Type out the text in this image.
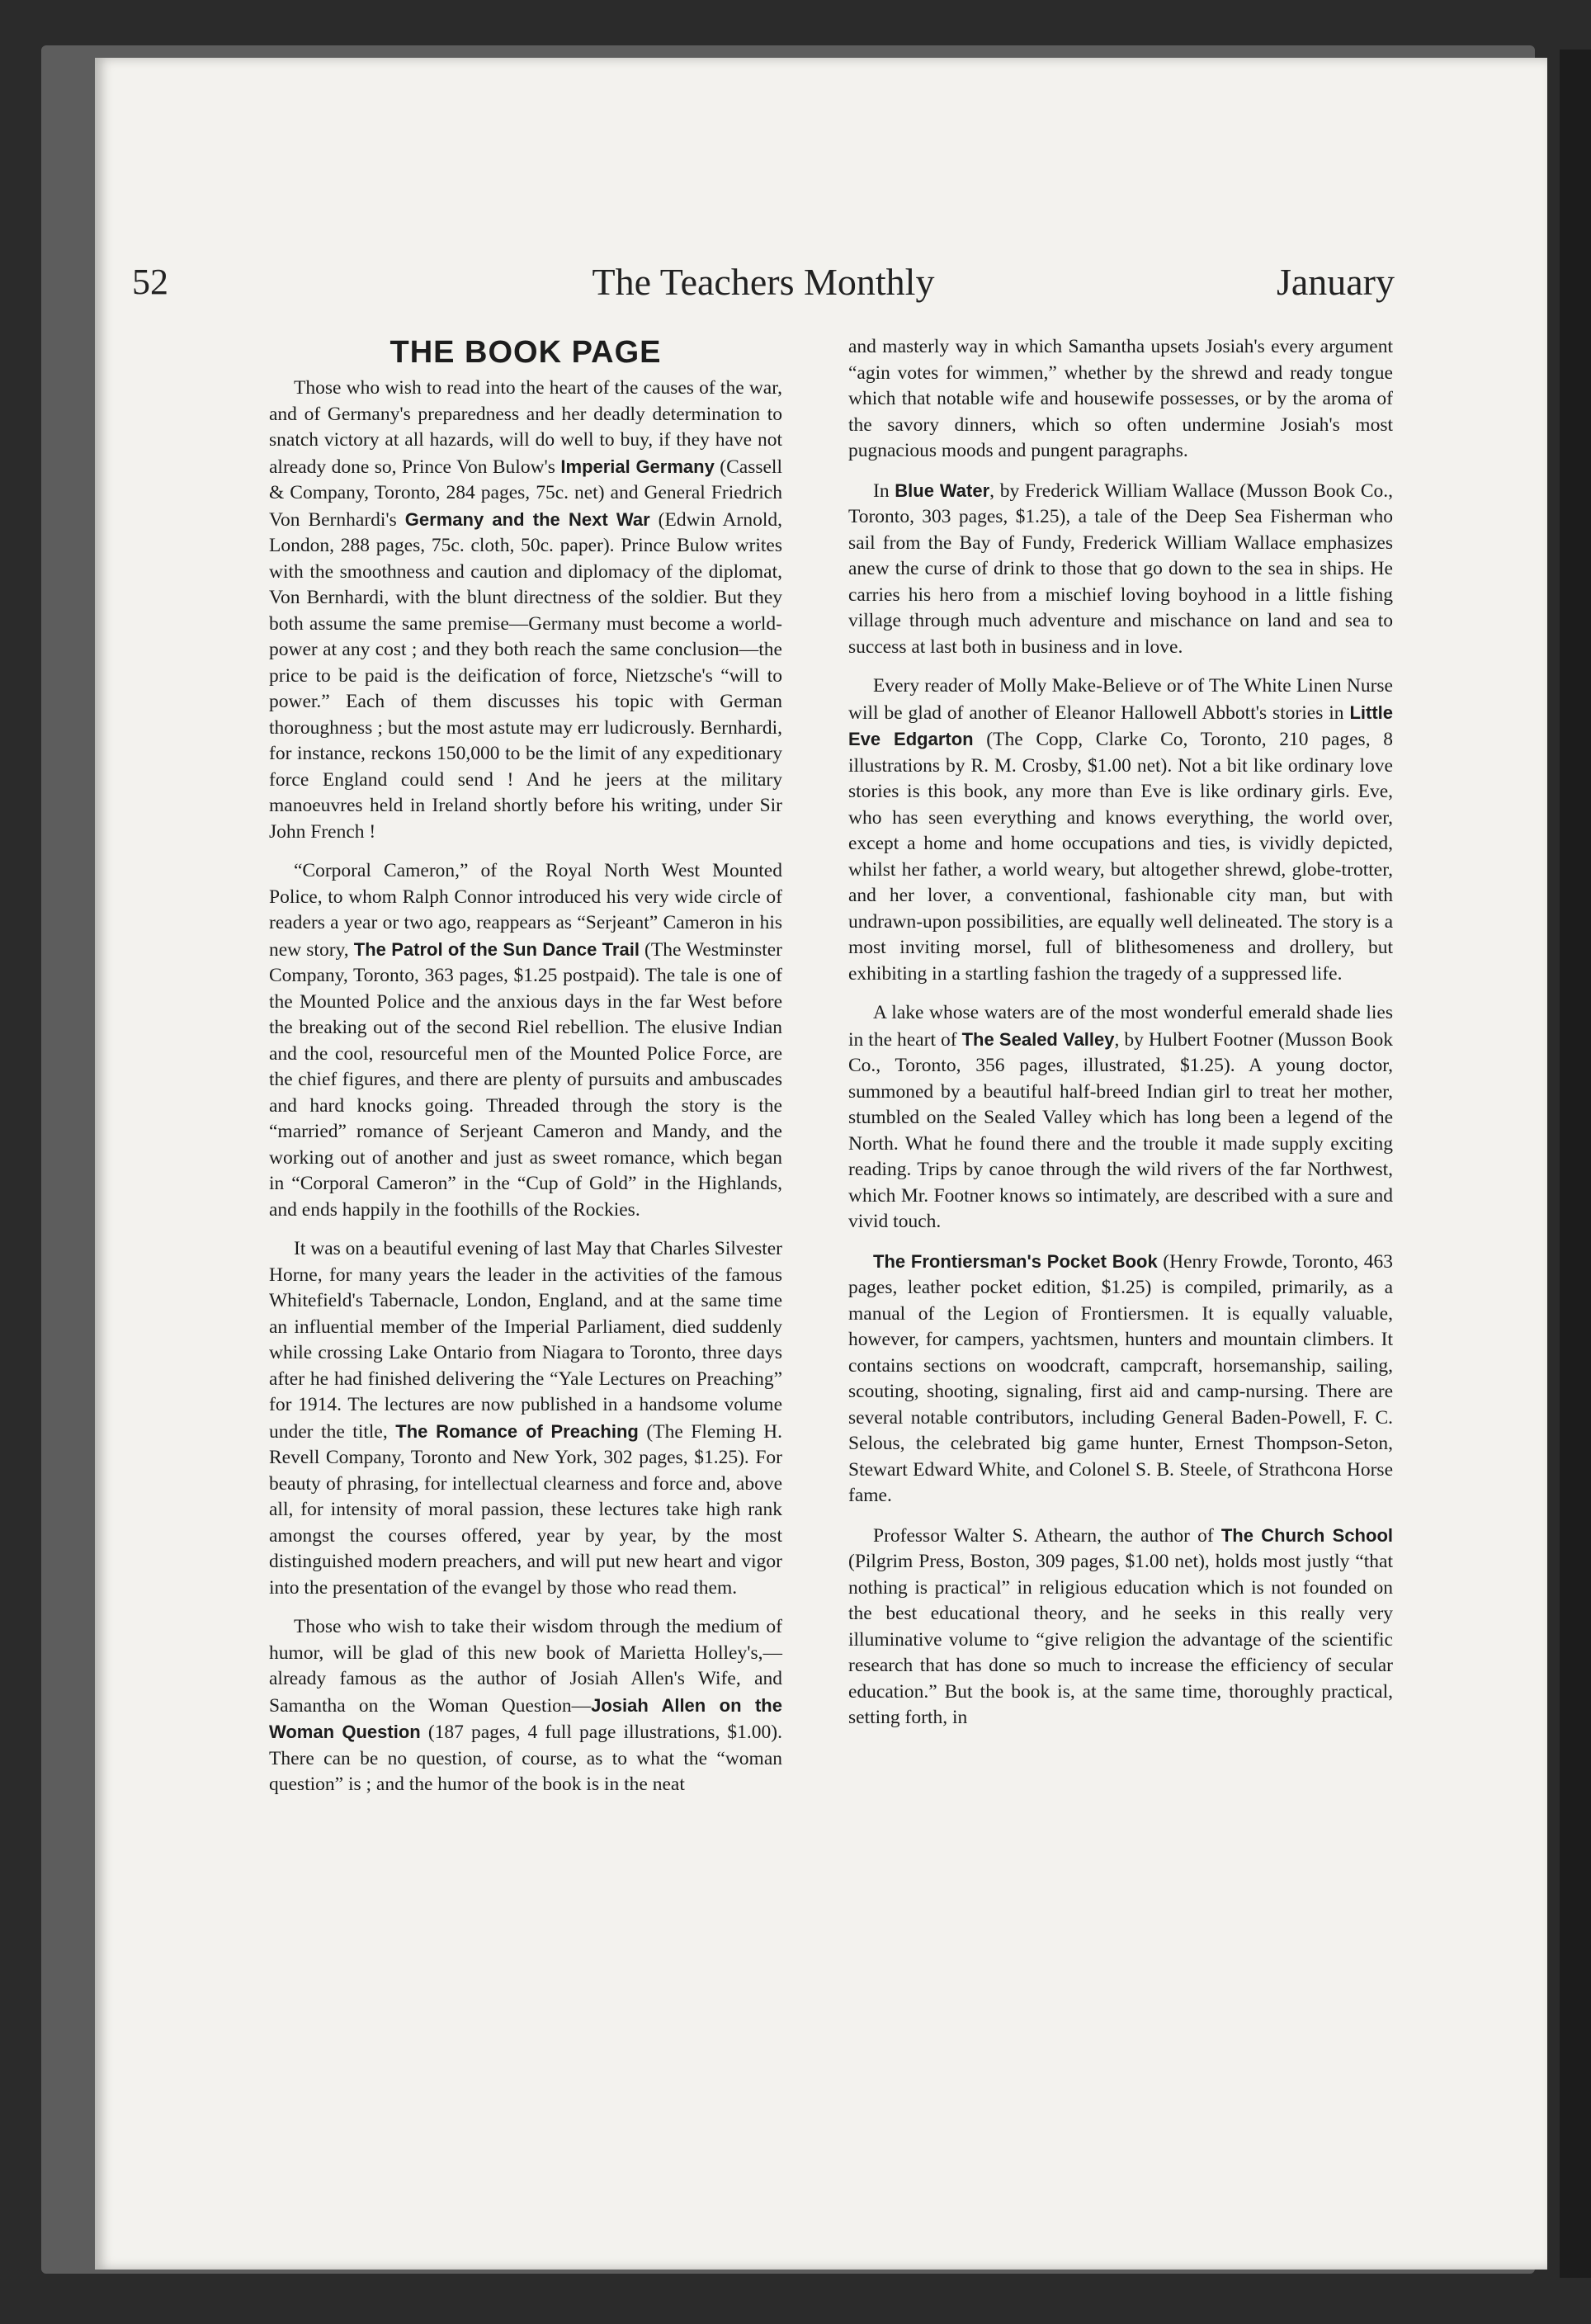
52	The Teachers Monthly	January
THE BOOK PAGE

Those who wish to read into the heart of the causes of the war, and of Germany's preparedness and her deadly determination to snatch victory at all hazards, will do well to buy, if they have not already done so, Prince Von Bulow's Imperial Germany (Cassell & Company, Toronto, 284 pages, 75c. net) and General Friedrich Von Bernhardi's Germany and the Next War (Edwin Arnold, London, 288 pages, 75c. cloth, 50c. paper). Prince Bulow writes with the smoothness and caution and diplomacy of the diplomat, Von Bernhardi, with the blunt directness of the soldier. But they both assume the same premise—Germany must become a world-power at any cost ; and they both reach the same conclusion—the price to be paid is the deification of force, Nietzsche's “will to power.” Each of them discusses his topic with German thoroughness ; but the most astute may err ludicrously. Bernhardi, for instance, reckons 150,000 to be the limit of any expeditionary force England could send ! And he jeers at the military manoeuvres held in Ireland shortly before his writing, under Sir John French !

“Corporal Cameron,” of the Royal North West Mounted Police, to whom Ralph Connor introduced his very wide circle of readers a year or two ago, reappears as “Serjeant” Cameron in his new story, The Patrol of the Sun Dance Trail (The Westminster Company, Toronto, 363 pages, $1.25 postpaid). The tale is one of the Mounted Police and the anxious days in the far West before the breaking out of the second Riel rebellion. The elusive Indian and the cool, resourceful men of the Mounted Police Force, are the chief figures, and there are plenty of pursuits and ambuscades and hard knocks going. Threaded through the story is the “married” romance of Serjeant Cameron and Mandy, and the working out of another and just as sweet romance, which began in “Corporal Cameron” in the “Cup of Gold” in the Highlands, and ends happily in the foothills of the Rockies.

It was on a beautiful evening of last May that Charles Silvester Horne, for many years the leader in the activities of the famous Whitefield's Tabernacle, London, England, and at the same time an influential member of the Imperial Parliament, died suddenly while crossing Lake Ontario from Niagara to Toronto, three days after he had finished delivering the “Yale Lectures on Preaching” for 1914. The lectures are now published in a handsome volume under the title, The Romance of Preaching (The Fleming H. Revell Company, Toronto and New York, 302 pages, $1.25). For beauty of phrasing, for intellectual clearness and force and, above all, for intensity of moral passion, these lectures take high rank amongst the courses offered, year by year, by the most distinguished modern preachers, and will put new heart and vigor into the presentation of the evangel by those who read them.

Those who wish to take their wisdom through the medium of humor, will be glad of this new book of Marietta Holley's,—already famous as the author of Josiah Allen's Wife, and Samantha on the Woman Question—Josiah Allen on the Woman Question (187 pages, 4 full page illustrations, $1.00). There can be no question, of course, as to what the “woman question” is ; and the humor of the book is in the neat

and masterly way in which Samantha upsets Josiah's every argument “agin votes for wimmen,” whether by the shrewd and ready tongue which that notable wife and housewife possesses, or by the aroma of the savory dinners, which so often undermine Josiah's most pugnacious moods and pungent paragraphs.

In Blue Water, by Frederick William Wallace (Musson Book Co., Toronto, 303 pages, $1.25), a tale of the Deep Sea Fisherman who sail from the Bay of Fundy, Frederick William Wallace emphasizes anew the curse of drink to those that go down to the sea in ships. He carries his hero from a mischief loving boyhood in a little fishing village through much adventure and mischance on land and sea to success at last both in business and in love.

Every reader of Molly Make-Believe or of The White Linen Nurse will be glad of another of Eleanor Hallowell Abbott's stories in Little Eve Edgarton (The Copp, Clarke Co, Toronto, 210 pages, 8 illustrations by R. M. Crosby, $1.00 net). Not a bit like ordinary love stories is this book, any more than Eve is like ordinary girls. Eve, who has seen everything and knows everything, the world over, except a home and home occupations and ties, is vividly depicted, whilst her father, a world weary, but altogether shrewd, globe-trotter, and her lover, a conventional, fashionable city man, but with undrawn-upon possibilities, are equally well delineated. The story is a most inviting morsel, full of blithesomeness and drollery, but exhibiting in a startling fashion the tragedy of a suppressed life.

A lake whose waters are of the most wonderful emerald shade lies in the heart of The Sealed Valley, by Hulbert Footner (Musson Book Co., Toronto, 356 pages, illustrated, $1.25). A young doctor, summoned by a beautiful half-breed Indian girl to treat her mother, stumbled on the Sealed Valley which has long been a legend of the North. What he found there and the trouble it made supply exciting reading. Trips by canoe through the wild rivers of the far Northwest, which Mr. Footner knows so intimately, are described with a sure and vivid touch.

The Frontiersman's Pocket Book (Henry Frowde, Toronto, 463 pages, leather pocket edition, $1.25) is compiled, primarily, as a manual of the Legion of Frontiersmen. It is equally valuable, however, for campers, yachtsmen, hunters and mountain climbers. It contains sections on woodcraft, campcraft, horsemanship, sailing, scouting, shooting, signaling, first aid and camp-nursing. There are several notable contributors, including General Baden-Powell, F. C. Selous, the celebrated big game hunter, Ernest Thompson-Seton, Stewart Edward White, and Colonel S. B. Steele, of Strathcona Horse fame.

Professor Walter S. Athearn, the author of The Church School (Pilgrim Press, Boston, 309 pages, $1.00 net), holds most justly “that nothing is practical” in religious education which is not founded on the best educational theory, and he seeks in this really very illuminative volume to “give religion the advantage of the scientific research that has done so much to increase the efficiency of secular education.” But the book is, at the same time, thoroughly practical, setting forth, in
